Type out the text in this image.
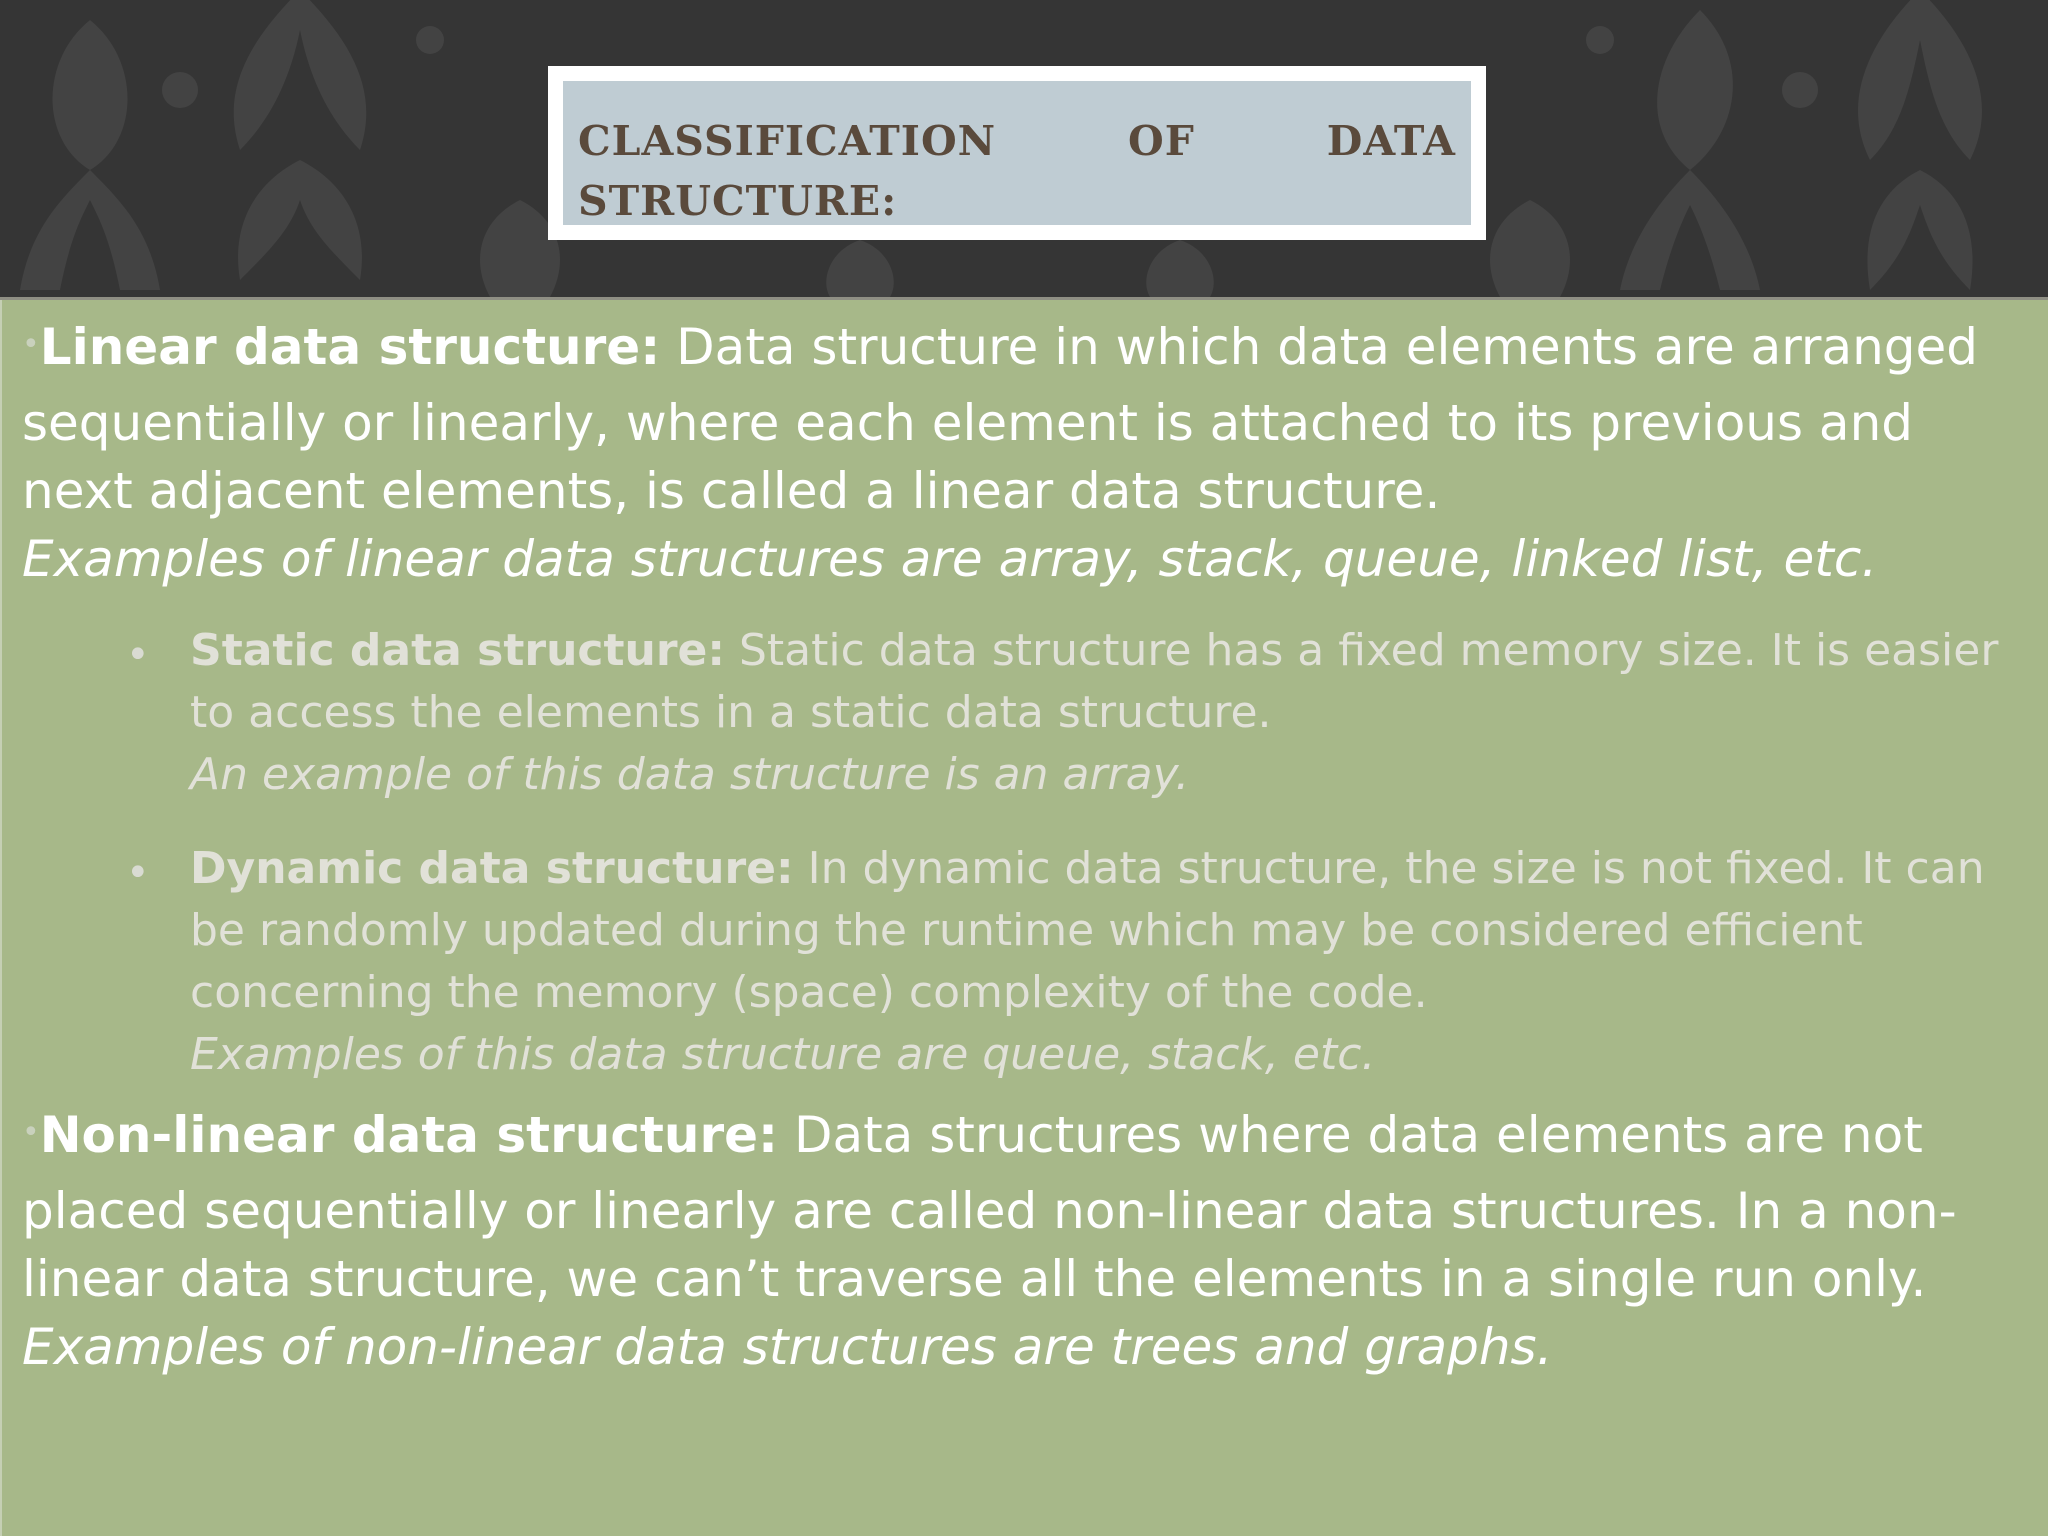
CLASSIFICATION OF DATA STRUCTURE:

•Linear data structure: Data structure in which data elements are arranged sequentially or linearly, where each element is attached to its previous and next adjacent elements, is called a linear data structure.
Examples of linear data structures are array, stack, queue, linked list, etc.

• Static data structure: Static data structure has a fixed memory size. It is easier to access the elements in a static data structure.
An example of this data structure is an array.

• Dynamic data structure: In dynamic data structure, the size is not fixed. It can be randomly updated during the runtime which may be considered efficient concerning the memory (space) complexity of the code.
Examples of this data structure are queue, stack, etc.

•Non-linear data structure: Data structures where data elements are not placed sequentially or linearly are called non-linear data structures. In a non-linear data structure, we can’t traverse all the elements in a single run only.
Examples of non-linear data structures are trees and graphs.
